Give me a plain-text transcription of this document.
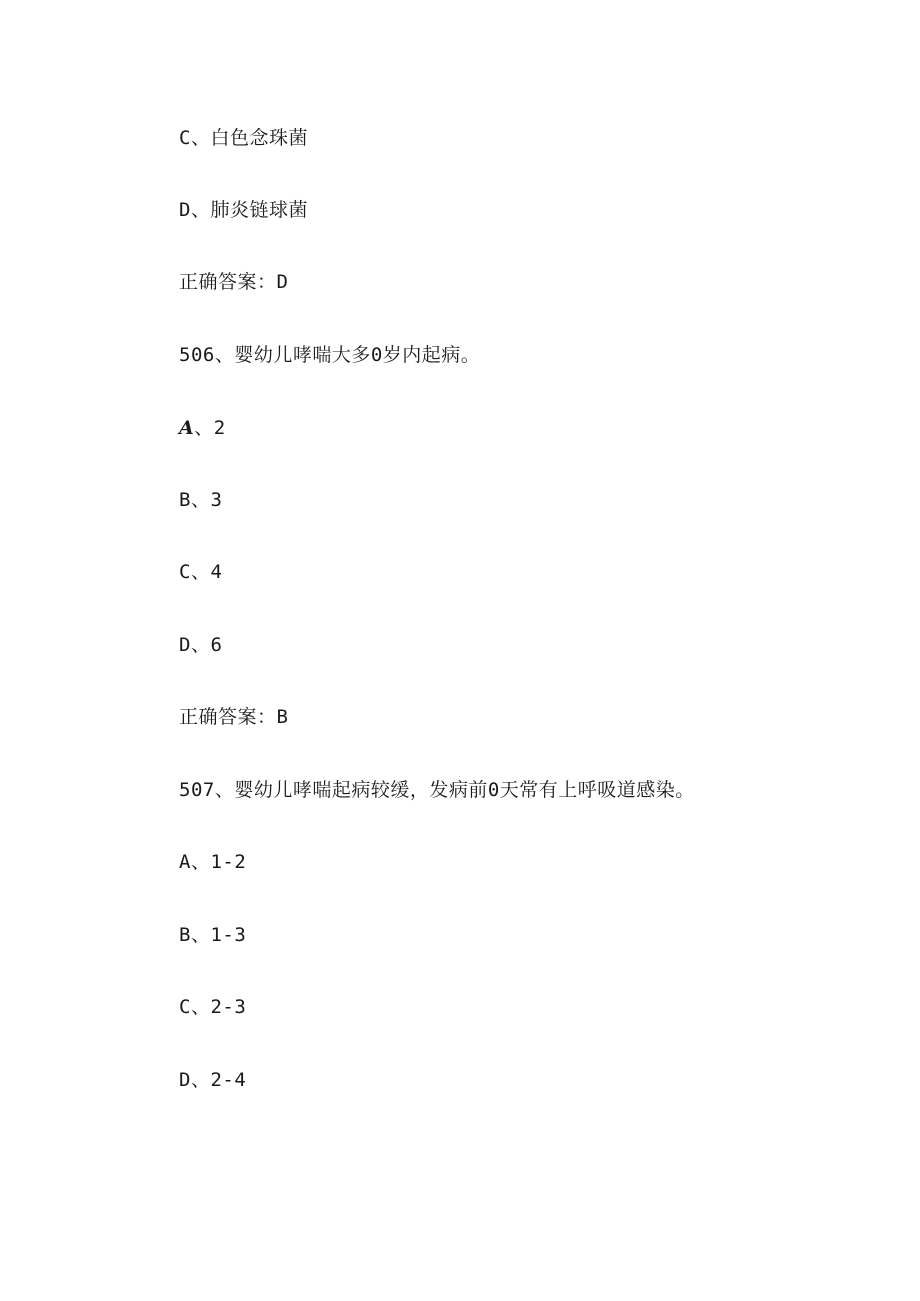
C、白色念珠菌
D、肺炎链球菌
正确答案：D
506、婴幼儿哮喘大多0岁内起病。
A、2
B、3
C、4
D、6
正确答案：B
507、婴幼儿哮喘起病较缓，发病前0天常有上呼吸道感染。
A、1-2
B、1-3
C、2-3
D、2-4
